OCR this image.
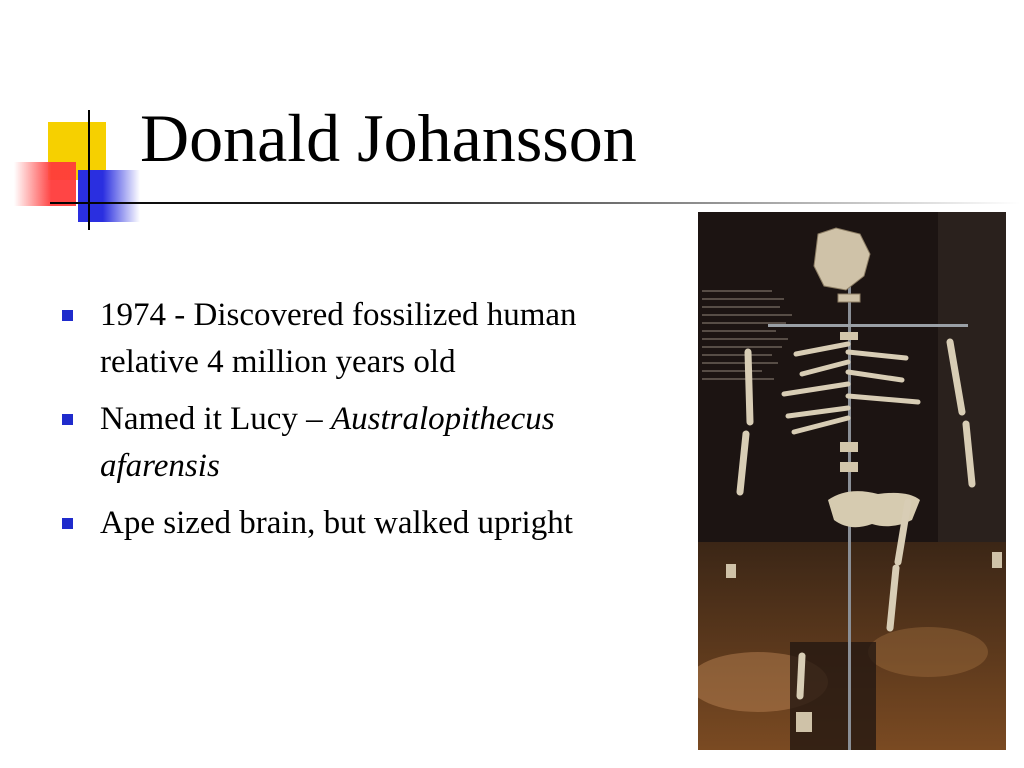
Donald Johansson
1974 - Discovered fossilized human relative 4 million years old
Named it Lucy – Australopithecus afarensis
Ape sized brain, but walked upright
